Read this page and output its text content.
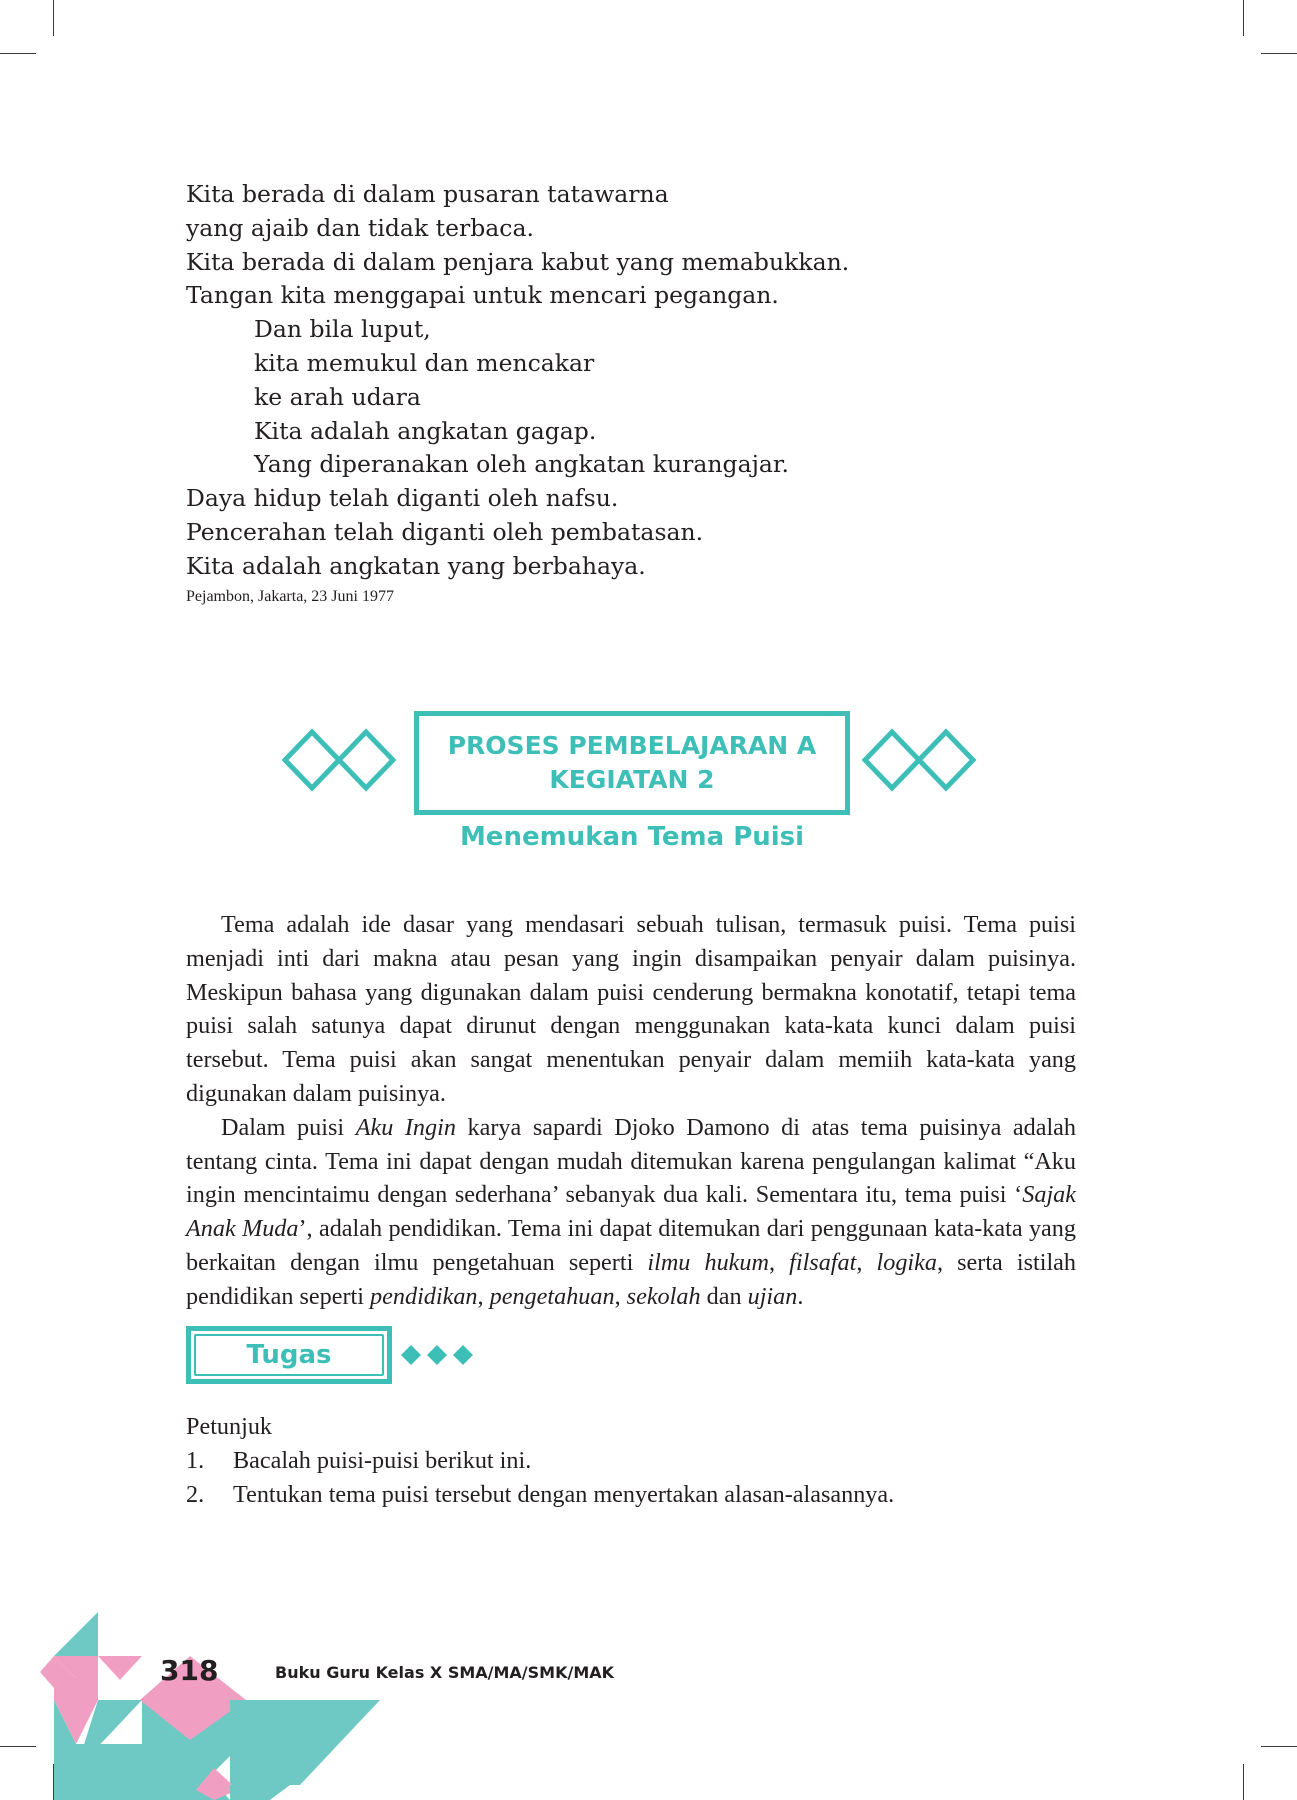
Kita berada di dalam pusaran tatawarna
yang ajaib dan tidak terbaca.
Kita berada di dalam penjara kabut yang memabukkan.
Tangan kita menggapai untuk mencari pegangan.
Dan bila luput,
kita memukul dan mencakar
ke arah udara
Kita adalah angkatan gagap.
Yang diperanakan oleh angkatan kurangajar.
Daya hidup telah diganti oleh nafsu.
Pencerahan telah diganti oleh pembatasan.
Kita adalah angkatan yang berbahaya.
Pejambon, Jakarta, 23 Juni 1977
PROSES PEMBELAJARAN A
KEGIATAN 2
Menemukan Tema Puisi

Tema adalah ide dasar yang mendasari sebuah tulisan, termasuk puisi. Tema puisi menjadi inti dari makna atau pesan yang ingin disampaikan penyair dalam puisinya. Meskipun bahasa yang digunakan dalam puisi cenderung bermakna konotatif, tetapi tema puisi salah satunya dapat dirunut dengan menggunakan kata-kata kunci dalam puisi tersebut. Tema puisi akan sangat menentukan penyair dalam memiih kata-kata yang digunakan dalam puisinya.

Dalam puisi Aku Ingin karya sapardi Djoko Damono di atas tema puisinya adalah tentang cinta. Tema ini dapat dengan mudah ditemukan karena pengulangan kalimat “Aku ingin mencintaimu dengan sederhana’ sebanyak dua kali. Sementara itu, tema puisi ‘Sajak Anak Muda’, adalah pendidikan. Tema ini dapat ditemukan dari penggunaan kata-kata yang berkaitan dengan ilmu pengetahuan seperti ilmu hukum, filsafat, logika, serta istilah pendidikan seperti pendidikan, pengetahuan, sekolah dan ujian.

Tugas
Petunjuk
1.	Bacalah puisi-puisi berikut ini.
2.	Tentukan tema puisi tersebut dengan menyertakan alasan-alasannya.
318	Buku Guru Kelas X SMA/MA/SMK/MAK
